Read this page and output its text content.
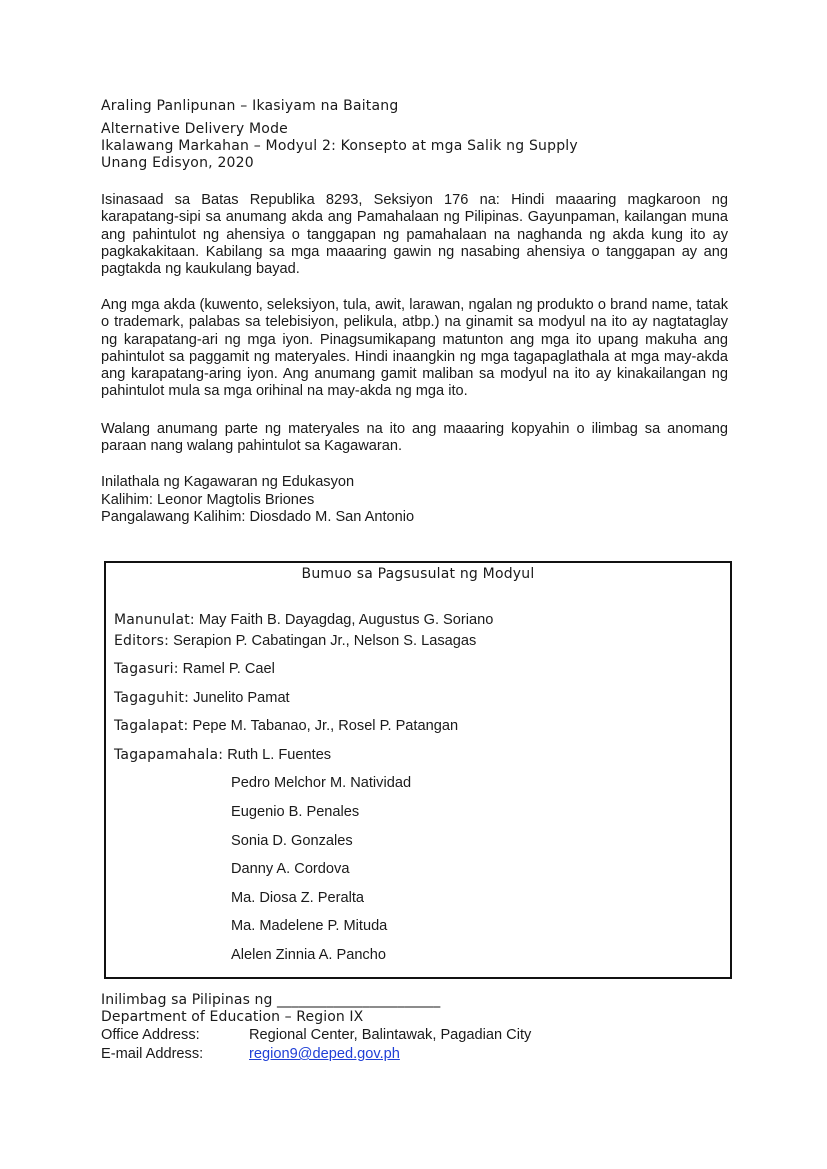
Araling Panlipunan – Ikasiyam na Baitang
Alternative Delivery Mode
Ikalawang Markahan – Modyul 2: Konsepto at mga Salik ng Supply
Unang Edisyon, 2020

Isinasaad sa Batas Republika 8293, Seksiyon 176 na: Hindi maaaring magkaroon ng karapatang-sipi sa anumang akda ang Pamahalaan ng Pilipinas. Gayunpaman, kailangan muna ang pahintulot ng ahensiya o tanggapan ng pamahalaan na naghanda ng akda kung ito ay pagkakakitaan. Kabilang sa mga maaaring gawin ng nasabing ahensiya o tanggapan ay ang pagtakda ng kaukulang bayad.

Ang mga akda (kuwento, seleksiyon, tula, awit, larawan, ngalan ng produkto o brand name, tatak o trademark, palabas sa telebisiyon, pelikula, atbp.) na ginamit sa modyul na ito ay nagtataglay ng karapatang-ari ng mga iyon. Pinagsumikapang matunton ang mga ito upang makuha ang pahintulot sa paggamit ng materyales. Hindi inaangkin ng mga tagapaglathala at mga may-akda ang karapatang-aring iyon. Ang anumang gamit maliban sa modyul na ito ay kinakailangan ng pahintulot mula sa mga orihinal na may-akda ng mga ito.

Walang anumang parte ng materyales na ito ang maaaring kopyahin o ilimbag sa anomang paraan nang walang pahintulot sa Kagawaran.

Inilathala ng Kagawaran ng Edukasyon
Kalihim: Leonor Magtolis Briones
Pangalawang Kalihim: Diosdado M. San Antonio
Bumuo sa Pagsusulat ng Modyul
Manunulat: May Faith B. Dayagdag, Augustus G. Soriano
Editors: Serapion P. Cabatingan Jr., Nelson S. Lasagas
Tagasuri: Ramel P. Cael
Tagaguhit: Junelito Pamat
Tagalapat: Pepe M. Tabanao, Jr., Rosel P. Patangan
Tagapamahala: Ruth L. Fuentes
Pedro Melchor M. Natividad
Eugenio B. Penales
Sonia D. Gonzales
Danny A. Cordova
Ma. Diosa Z. Peralta
Ma. Madelene P. Mituda
Alelen Zinnia A. Pancho
Inilimbag sa Pilipinas ng _______________________
Department of Education – Region IX
Office Address:	Regional Center, Balintawak, Pagadian City
E-mail Address:	region9@deped.gov.ph
